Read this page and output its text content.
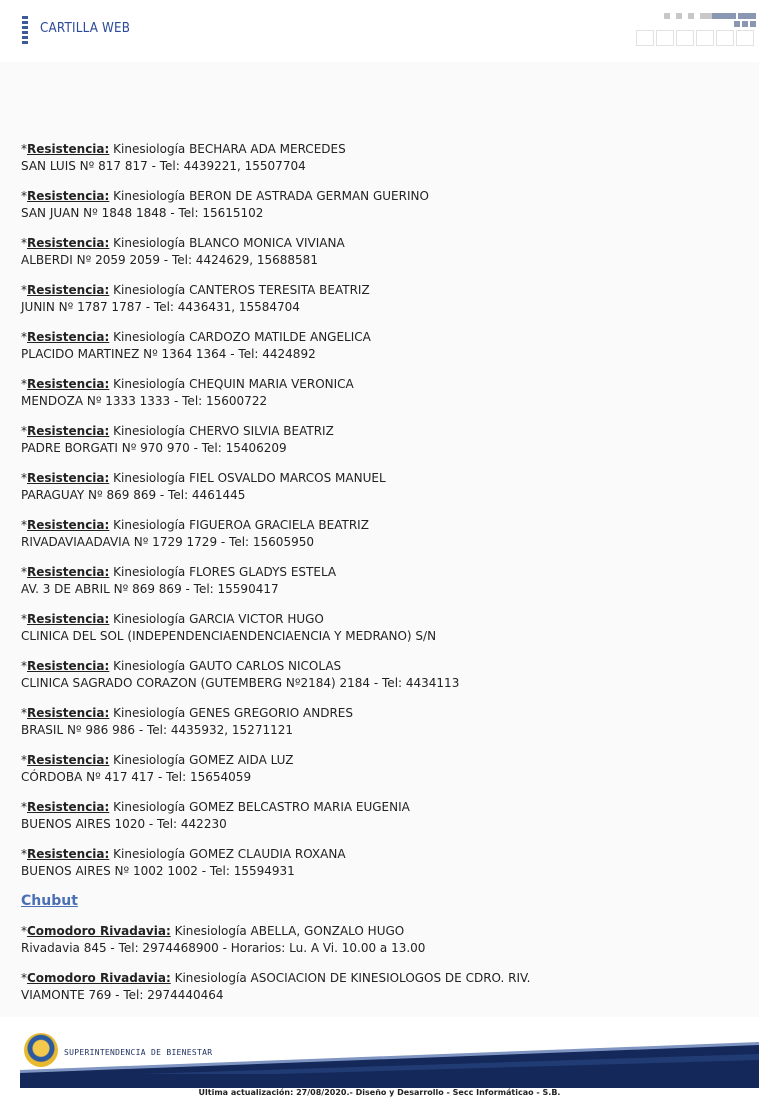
CARTILLA WEB
*Resistencia: Kinesiología BECHARA ADA MERCEDES
SAN LUIS Nº 817 817 - Tel: 4439221, 15507704
*Resistencia: Kinesiología BERON DE ASTRADA GERMAN GUERINO
SAN JUAN Nº 1848 1848 - Tel: 15615102
*Resistencia: Kinesiología BLANCO MONICA VIVIANA
ALBERDI Nº 2059 2059 - Tel: 4424629, 15688581
*Resistencia: Kinesiología CANTEROS TERESITA BEATRIZ
JUNIN Nº 1787 1787 - Tel: 4436431, 15584704
*Resistencia: Kinesiología CARDOZO MATILDE ANGELICA
PLACIDO MARTINEZ Nº 1364 1364 - Tel: 4424892
*Resistencia: Kinesiología CHEQUIN MARIA VERONICA
MENDOZA Nº 1333 1333 - Tel: 15600722
*Resistencia: Kinesiología CHERVO SILVIA BEATRIZ
PADRE BORGATI Nº 970 970 - Tel: 15406209
*Resistencia: Kinesiología FIEL OSVALDO MARCOS MANUEL
PARAGUAY Nº 869 869 - Tel: 4461445
*Resistencia: Kinesiología FIGUEROA GRACIELA BEATRIZ
RIVADAVIAADAVIA Nº 1729 1729 - Tel: 15605950
*Resistencia: Kinesiología FLORES GLADYS ESTELA
AV. 3 DE ABRIL Nº 869 869 - Tel: 15590417
*Resistencia: Kinesiología GARCIA VICTOR HUGO
CLINICA DEL SOL (INDEPENDENCIAENDENCIAENCIA Y MEDRANO) S/N
*Resistencia: Kinesiología GAUTO CARLOS NICOLAS
CLINICA SAGRADO CORAZON (GUTEMBERG Nº2184) 2184 - Tel: 4434113
*Resistencia: Kinesiología GENES GREGORIO ANDRES
BRASIL Nº 986 986 - Tel: 4435932, 15271121
*Resistencia: Kinesiología GOMEZ AIDA LUZ
CÓRDOBA Nº 417 417 - Tel: 15654059
*Resistencia: Kinesiología GOMEZ BELCASTRO MARIA EUGENIA
BUENOS AIRES 1020 - Tel: 442230
*Resistencia: Kinesiología GOMEZ CLAUDIA ROXANA
BUENOS AIRES Nº 1002 1002 - Tel: 15594931
Chubut
*Comodoro Rivadavia: Kinesiología ABELLA, GONZALO HUGO
Rivadavia 845 - Tel: 2974468900 - Horarios: Lu. A Vi. 10.00 a 13.00
*Comodoro Rivadavia: Kinesiología ASOCIACION DE KINESIOLOGOS DE CDRO. RIV.
VIAMONTE 769 - Tel: 2974440464
SUPERINTENDENCIA DE BIENESTAR
Ultima actualización: 27/08/2020.- Diseño y Desarrollo - Secc Informáticao - S.B.
